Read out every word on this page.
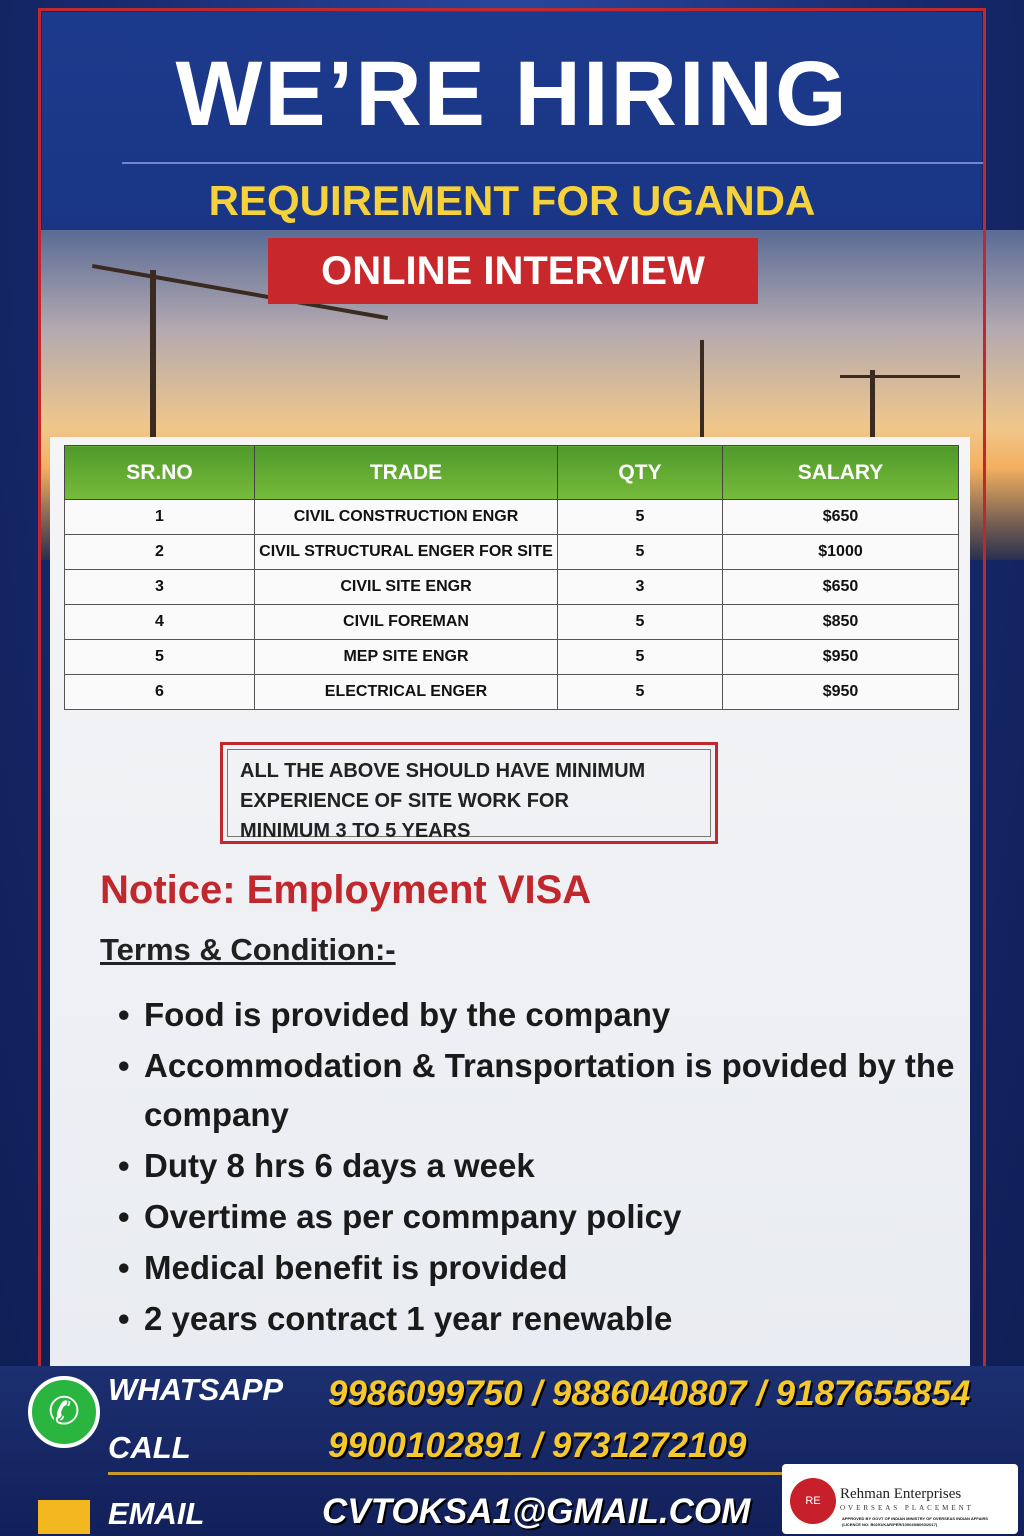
WE’RE HIRING
REQUIREMENT FOR UGANDA
ONLINE INTERVIEW
SR.NO	TRADE	QTY	SALARY
1	CIVIL CONSTRUCTION ENGR	5	$650
2	CIVIL STRUCTURAL ENGER FOR SITE	5	$1000
3	CIVIL SITE ENGR	3	$650
4	CIVIL FOREMAN	5	$850
5	MEP SITE ENGR	5	$950
6	ELECTRICAL ENGER	5	$950
ALL THE ABOVE SHOULD HAVE MINIMUM
EXPERIENCE OF SITE WORK FOR
MINIMUM 3 TO 5 YEARS
Notice: Employment VISA
Terms & Condition:-
• Food is provided by the company
• Accommodation & Transportation is povided by the company
• Duty 8 hrs 6 days a week
• Overtime as per commpany policy
• Medical benefit is provided
• 2 years contract 1 year renewable
✆ WHATSAPP 9986099750 / 9886040807 / 9187655854
CALL	9900102891 / 9731272109
EMAIL	CVTOKSA1@GMAIL.COM	RE	Rehman Enterprises
OVERSEAS PLACEMENT
APPROVED BY GOVT OF INDIAN MINISTRY OF OVERSEAS INDIAN AFFAIRS
(LICENCE NO: B0291/KAR/PER/100049/8060/2017)
